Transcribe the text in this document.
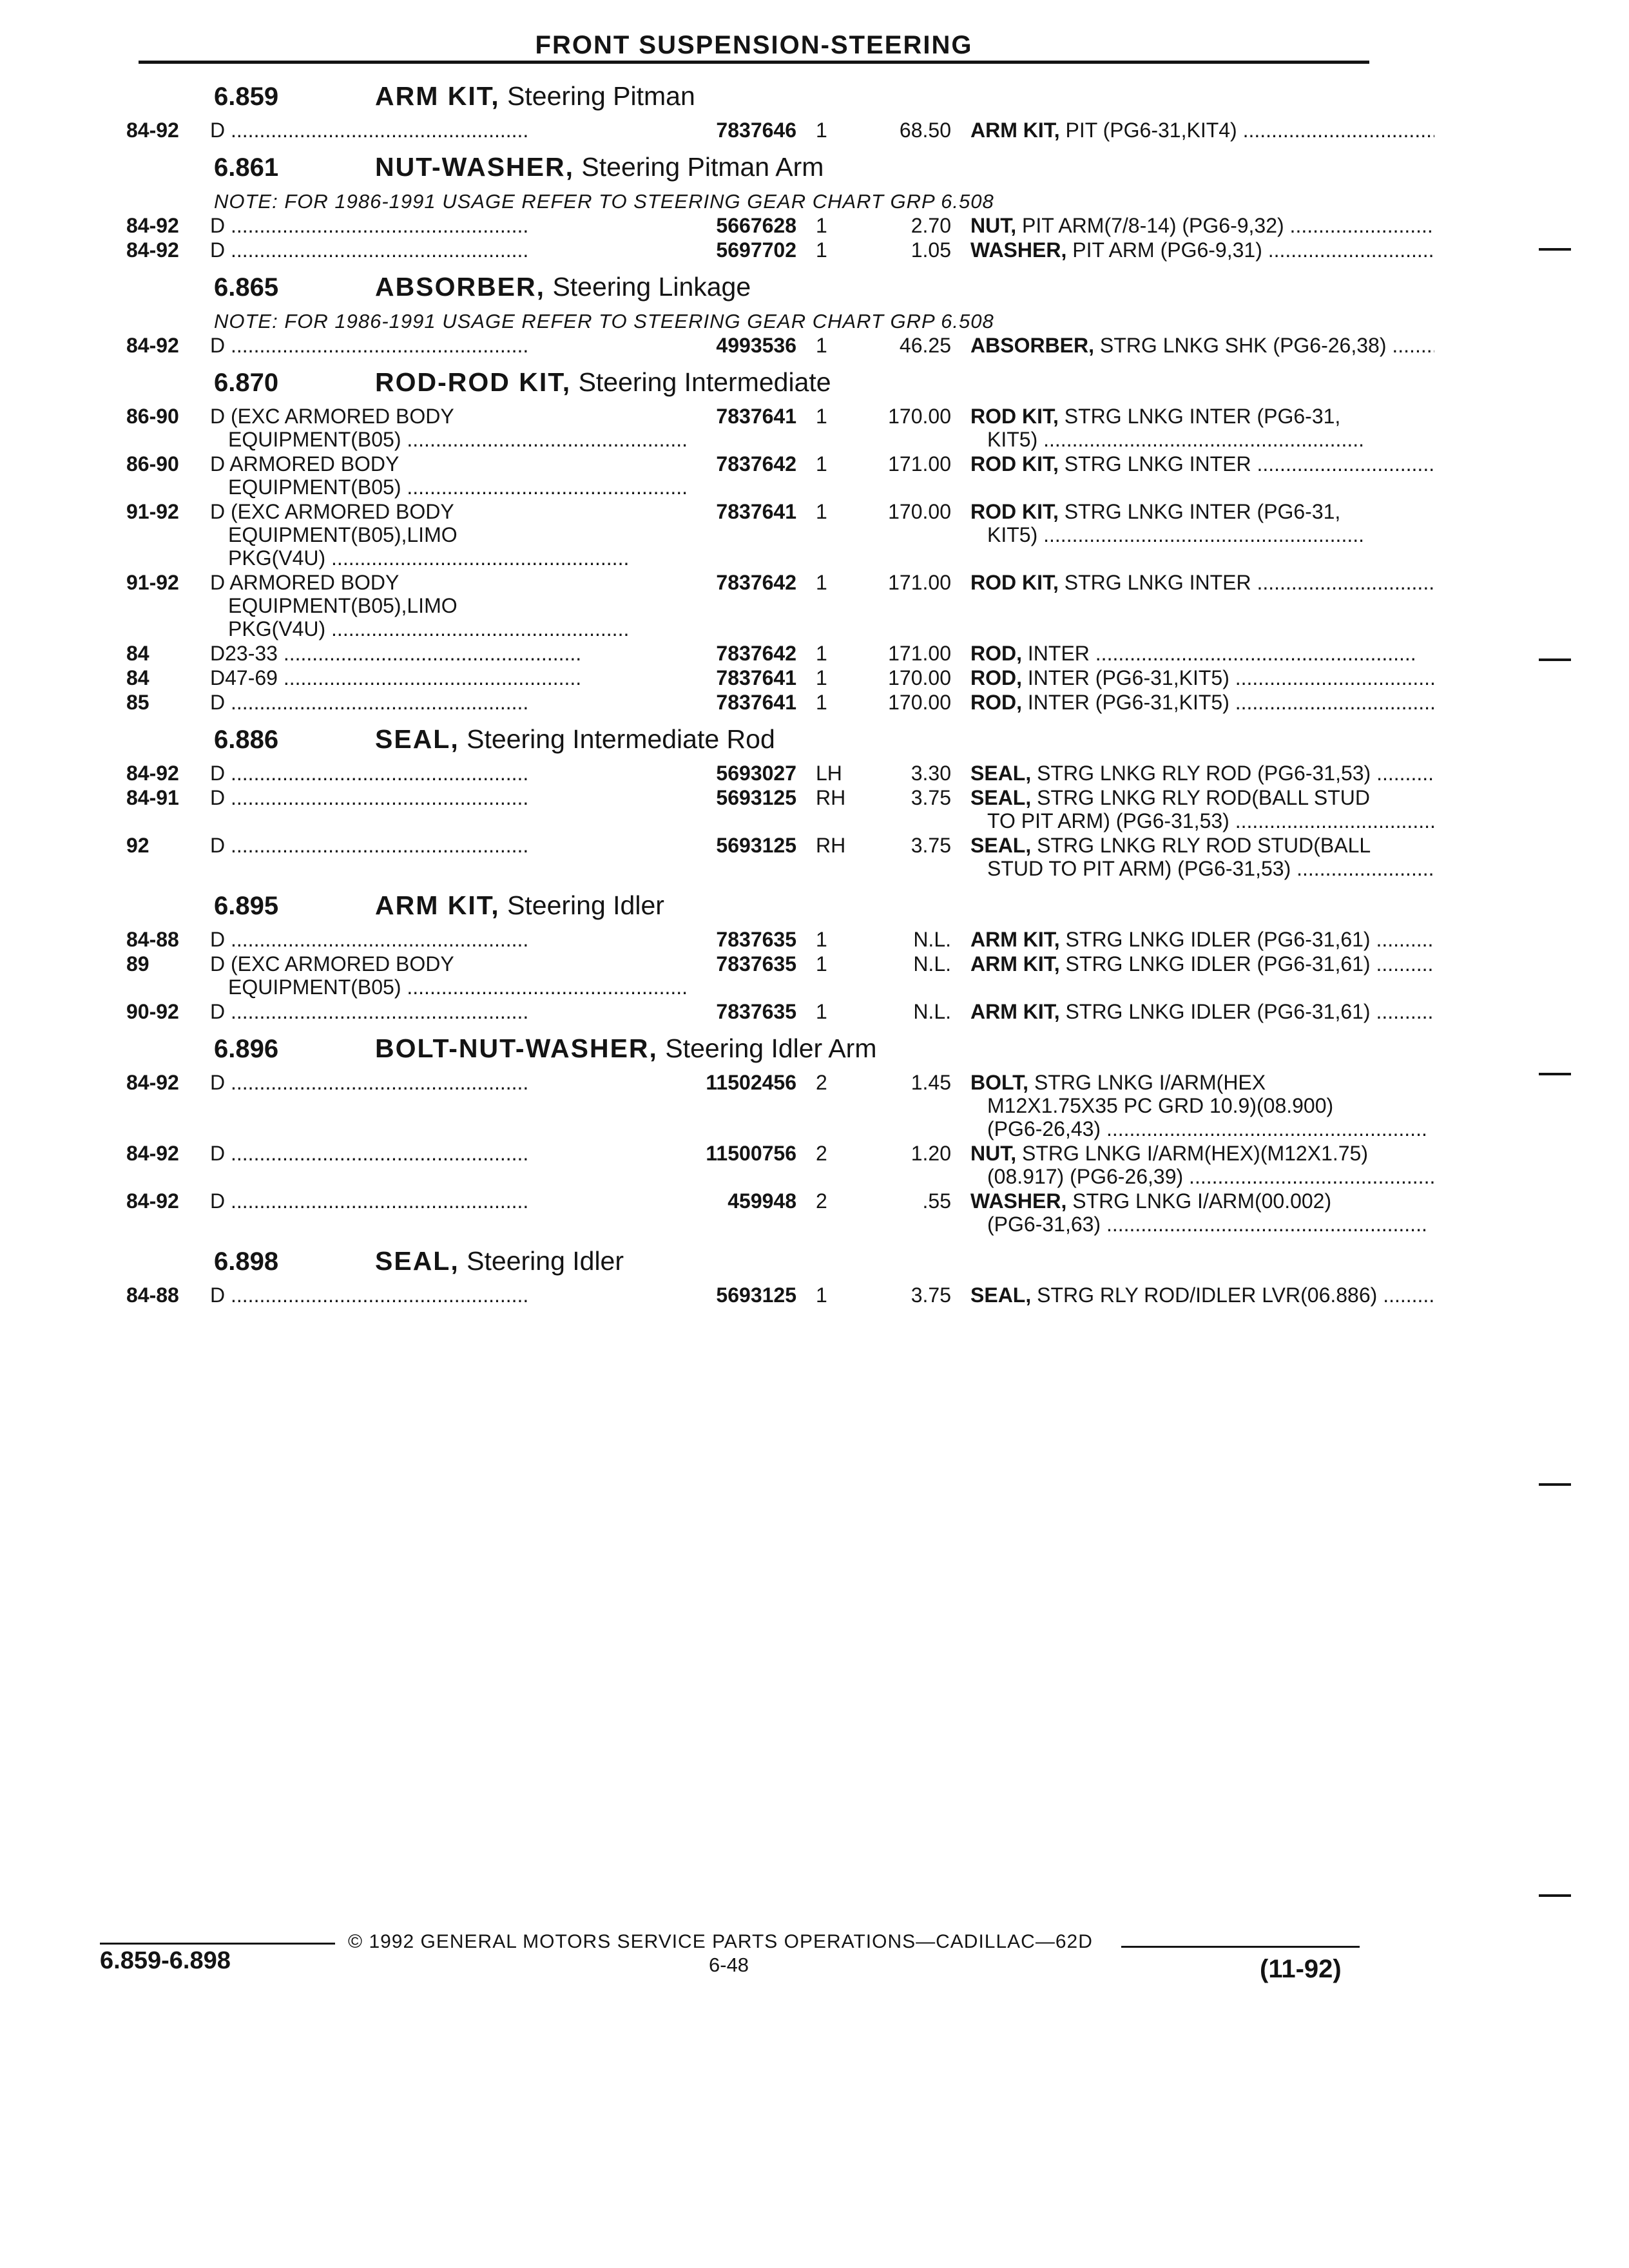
FRONT SUSPENSION-STEERING
6.859	ARM KIT, Steering Pitman
84-92	D .....	7837646 1	68.50 ARM KIT, PIT (PG6-31,KIT4) .....
6.861	NUT-WASHER, Steering Pitman Arm
NOTE: FOR 1986-1991 USAGE REFER TO STEERING GEAR CHART GRP 6.508
84-92	D .....	5667628 1	2.70 NUT, PIT ARM(7/8-14) (PG6-9,32) .....
84-92	D .....	5697702 1	1.05 WASHER, PIT ARM (PG6-9,31) .....
6.865	ABSORBER, Steering Linkage
NOTE: FOR 1986-1991 USAGE REFER TO STEERING GEAR CHART GRP 6.508
84-92	D .....	4993536 1	46.25 ABSORBER, STRG LNKG SHK (PG6-26,38) .....
6.870	ROD-ROD KIT, Steering Intermediate
86-90	D (EXC ARMORED BODY
EQUIPMENT(B05) .....
7837641 1	170.00 ROD KIT, STRG LNKG INTER (PG6-31,
KIT5) .....
86-90	D ARMORED BODY
EQUIPMENT(B05) .....
7837642 1	171.00 ROD KIT, STRG LNKG INTER .....
91-92	D (EXC ARMORED BODY
EQUIPMENT(B05),LIMO
PKG(V4U) .....
7837641 1	170.00 ROD KIT, STRG LNKG INTER (PG6-31,
KIT5) .....
91-92	D ARMORED BODY
EQUIPMENT(B05),LIMO
PKG(V4U) .....
7837642 1	171.00 ROD KIT, STRG LNKG INTER .....
84	D23-33 .....	7837642 1	171.00 ROD, INTER .....
84	D47-69 .....	7837641 1	170.00 ROD, INTER (PG6-31,KIT5) .....
85	D .....	7837641 1	170.00 ROD, INTER (PG6-31,KIT5) .....
6.886	SEAL, Steering Intermediate Rod
84-92	D .....	5693027 LH	3.30 SEAL, STRG LNKG RLY ROD (PG6-31,53) .....
84-91	D .....	5693125 RH	3.75 SEAL, STRG LNKG RLY ROD(BALL STUD
TO PIT ARM) (PG6-31,53) .....
92	D .....	5693125 RH	3.75 SEAL, STRG LNKG RLY ROD STUD(BALL
STUD TO PIT ARM) (PG6-31,53) .....
6.895	ARM KIT, Steering Idler
84-88	D .....	7837635 1	N.L. ARM KIT, STRG LNKG IDLER (PG6-31,61) .....
89	D (EXC ARMORED BODY
EQUIPMENT(B05) .....
7837635 1	N.L. ARM KIT, STRG LNKG IDLER (PG6-31,61) .....
90-92	D .....	7837635 1	N.L. ARM KIT, STRG LNKG IDLER (PG6-31,61) .....
6.896	BOLT-NUT-WASHER, Steering Idler Arm
84-92	D .....	11502456 2	1.45 BOLT, STRG LNKG I/ARM(HEX
M12X1.75X35 PC GRD 10.9)(08.900)
(PG6-26,43) .....
84-92	D .....	11500756 2	1.20 NUT, STRG LNKG I/ARM(HEX)(M12X1.75)
(08.917) (PG6-26,39) .....
84-92	D .....	459948 2	.55 WASHER, STRG LNKG I/ARM(00.002)
(PG6-31,63) .....
6.898	SEAL, Steering Idler
84-88	D .....	5693125 1	3.75 SEAL, STRG RLY ROD/IDLER LVR(06.886) .....
© 1992 GENERAL MOTORS SERVICE PARTS OPERATIONS—CADILLAC—62D
6.859-6.898	6-48	(11-92)
